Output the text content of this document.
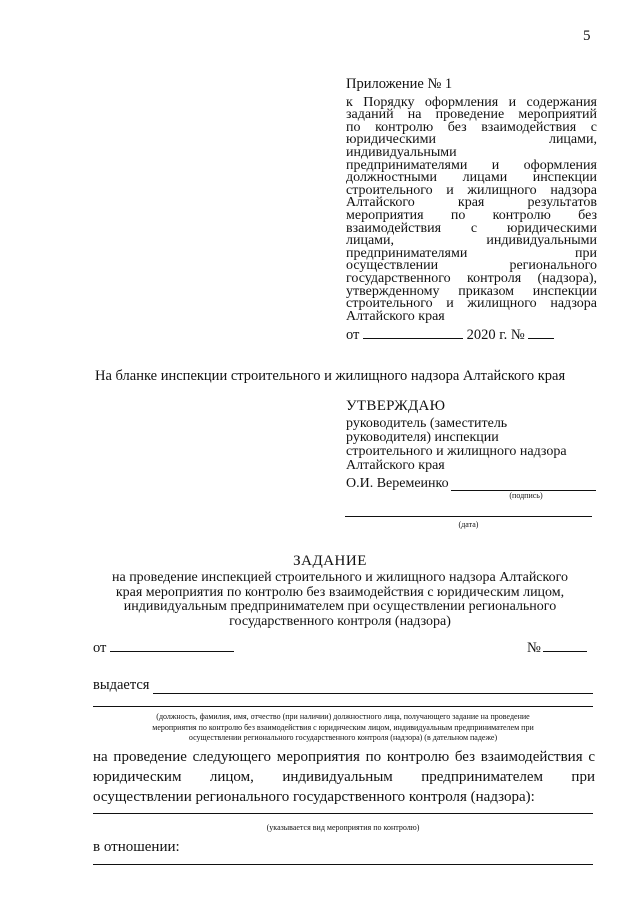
5
Приложение № 1
к Порядку оформления и содержания
заданий на проведение мероприятий
по контролю без взаимодействия с
юридическими лицами,
индивидуальными
предпринимателями и оформления
должностными лицами инспекции
строительного и жилищного надзора
Алтайского края результатов
мероприятия по контролю без
взаимодействия с юридическими
лицами, индивидуальными
предпринимателями при
осуществлении регионального
государственного контроля (надзора),
утвержденному приказом инспекции
строительного и жилищного надзора
Алтайского края
от	2020 г. №
На бланке инспекции строительного и жилищного надзора Алтайского края
УТВЕРЖДАЮ
руководитель (заместитель
руководителя) инспекции
строительного и жилищного надзора
Алтайского края
О.И. Веремеинко
(подпись)
(дата)
ЗАДАНИЕ
на проведение инспекцией строительного и жилищного надзора Алтайского
края мероприятия по контролю без взаимодействия с юридическим лицом,
индивидуальным предпринимателем при осуществлении регионального
государственного контроля (надзора)
от	№
выдается
(должность, фамилия, имя, отчество (при наличии) должностного лица, получающего задание на проведение
мероприятия по контролю без взаимодействия с юридическим лицом, индивидуальным предпринимателем при
осуществлении регионального государственного контроля (надзора) (в дательном падеже)
на проведение следующего мероприятия по контролю без взаимодействия с
юридическим лицом, индивидуальным предпринимателем при
осуществлении регионального государственного контроля (надзора):
(указывается вид мероприятия по контролю)
в отношении:
